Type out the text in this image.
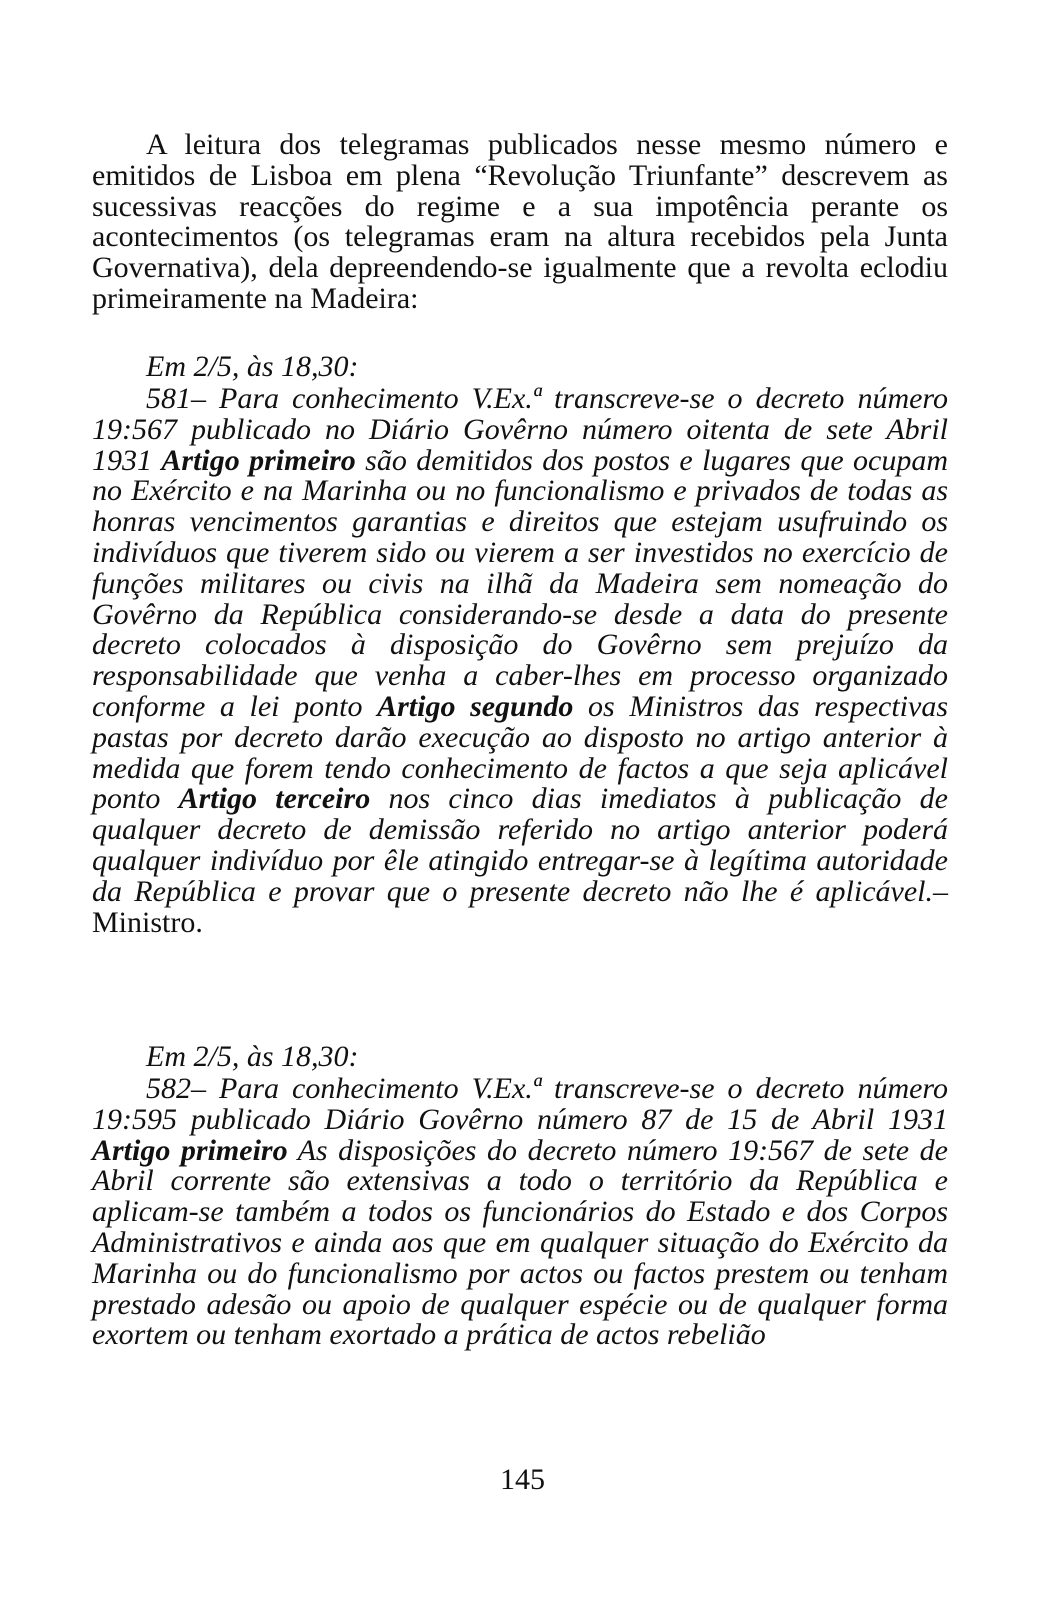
A leitura dos telegramas publicados nesse mesmo número e emitidos de Lisboa em plena “Revolução Triunfante” descrevem as sucessivas reacções do regime e a sua impotência perante os acontecimentos (os telegramas eram na altura recebidos pela Junta Governativa), dela depreendendo-se igualmente que a revolta eclodiu primeiramente na Madeira:

Em 2/5, às 18,30:

581– Para conhecimento V.Ex.ª transcreve-se o decreto número 19:567 publicado no Diário Govêrno número oitenta de sete Abril 1931 Artigo primeiro são demitidos dos postos e lugares que ocupam no Exército e na Marinha ou no funcionalismo e privados de todas as honras vencimentos garantias e direitos que estejam usufruindo os indivíduos que tiverem sido ou vierem a ser investidos no exercício de funções militares ou civis na ilhã da Madeira sem nomeação do Govêrno da República considerando-se desde a data do presente decreto colocados à disposição do Govêrno sem prejuízo da responsabilidade que venha a caber-lhes em processo organizado conforme a lei ponto Artigo segundo os Ministros das respectivas pastas por decreto darão execução ao disposto no artigo anterior à medida que forem tendo conhecimento de factos a que seja aplicável ponto Artigo terceiro nos cinco dias imediatos à publicação de qualquer decreto de demissão referido no artigo anterior poderá qualquer indivíduo por êle atingido entregar-se à legítima autoridade da República e provar que o presente decreto não lhe é aplicável.– Ministro.

Em 2/5, às 18,30:

582– Para conhecimento V.Ex.ª transcreve-se o decreto número 19:595 publicado Diário Govêrno número 87 de 15 de Abril 1931 Artigo primeiro As disposições do decreto número 19:567 de sete de Abril corrente são extensivas a todo o território da República e aplicam-se também a todos os funcionários do Estado e dos Corpos Administrativos e ainda aos que em qualquer situação do Exército da Marinha ou do funcionalismo por actos ou factos prestem ou tenham prestado adesão ou apoio de qualquer espécie ou de qualquer forma exortem ou tenham exortado a prática de actos rebelião

145
